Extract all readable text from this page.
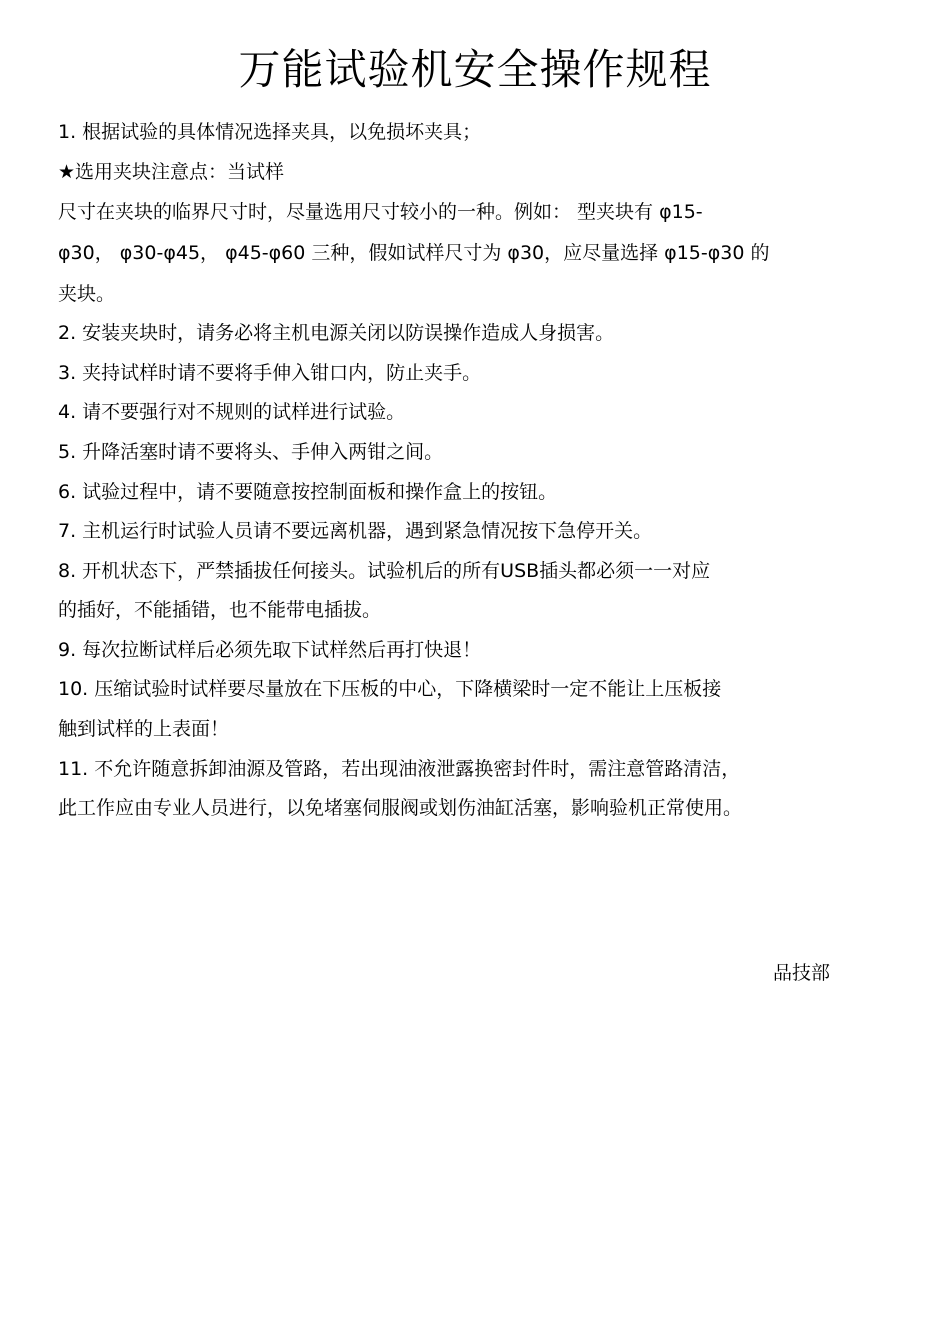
万能试验机安全操作规程
1. 根据试验的具体情况选择夹具，以免损坏夹具；
★选用夹块注意点：当试样
尺寸在夹块的临界尺寸时，尽量选用尺寸较小的一种。例如： 型夹块有 φ15-
φ30， φ30-φ45， φ45-φ60 三种，假如试样尺寸为 φ30，应尽量选择 φ15-φ30 的
夹块。
2. 安装夹块时，请务必将主机电源关闭以防误操作造成人身损害。
3. 夹持试样时请不要将手伸入钳口内，防止夹手。
4. 请不要强行对不规则的试样进行试验。
5. 升降活塞时请不要将头、手伸入两钳之间。
6. 试验过程中，请不要随意按控制面板和操作盒上的按钮。
7. 主机运行时试验人员请不要远离机器，遇到紧急情况按下急停开关。
8. 开机状态下，严禁插拔任何接头。试验机后的所有USB插头都必须一一对应
的插好，不能插错，也不能带电插拔。
9. 每次拉断试样后必须先取下试样然后再打快退！
10. 压缩试验时试样要尽量放在下压板的中心，下降横梁时一定不能让上压板接
触到试样的上表面！
11. 不允许随意拆卸油源及管路，若出现油液泄露换密封件时，需注意管路清洁，
此工作应由专业人员进行，以免堵塞伺服阀或划伤油缸活塞，影响验机正常使用。
品技部
